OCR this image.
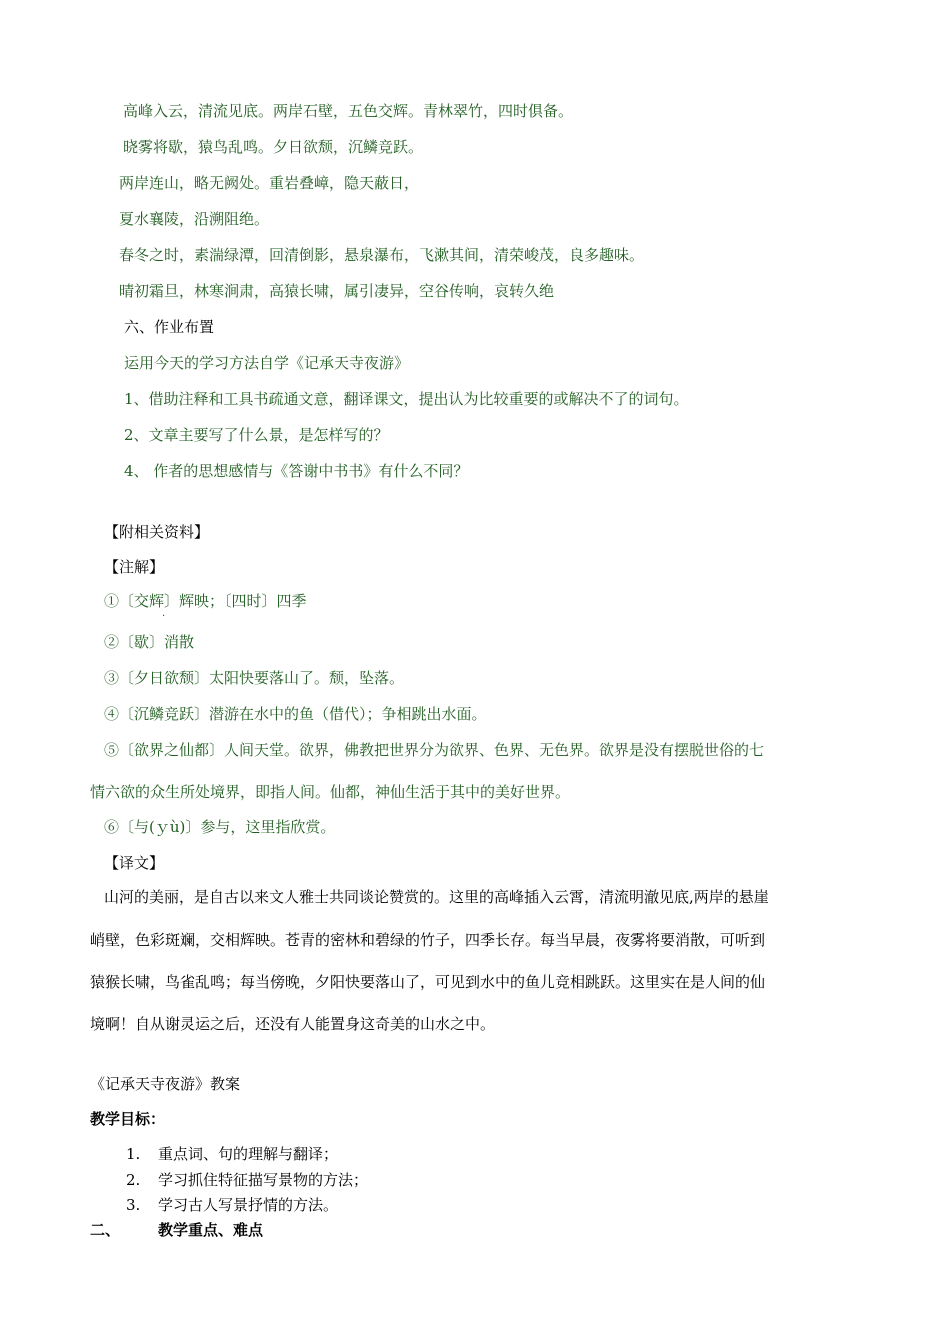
高峰入云，清流见底。两岸石壁，五色交辉。青林翠竹，四时俱备。
晓雾将歇，猿鸟乱鸣。夕日欲颓，沉鳞竞跃。
两岸连山，略无阙处。重岩叠嶂，隐天蔽日，
夏水襄陵，沿溯阻绝。
春冬之时，素湍绿潭，回清倒影，悬泉瀑布，飞漱其间，清荣峻茂，良多趣味。
晴初霜旦，林寒涧肃，高猿长啸，属引凄异，空谷传响，哀转久绝
六、作业布置
运用今天的学习方法自学《记承天寺夜游》
1、借助注释和工具书疏通文意，翻译课文，提出认为比较重要的或解决不了的词句。
2、文章主要写了什么景，是怎样写的？
4、 作者的思想感情与《答谢中书书》有什么不同？
【附相关资料】
【注解】
①〔交辉〕辉映；〔四时〕四季
·
②〔歇〕消散
③〔夕日欲颓〕太阳快要落山了。颓，坠落。
④〔沉鳞竞跃〕潜游在水中的鱼（借代）；争相跳出水面。
⑤〔欲界之仙都〕人间天堂。欲界，佛教把世界分为欲界、色界、无色界。欲界是没有摆脱世俗的七
情六欲的众生所处境界，即指人间。仙都，神仙生活于其中的美好世界。
⑥〔与(ｙù)〕参与，这里指欣赏。
【译文】
山河的美丽，是自古以来文人雅士共同谈论赞赏的。这里的高峰插入云霄，清流明澈见底,两岸的悬崖
峭壁，色彩斑斓，交相辉映。苍青的密林和碧绿的竹子，四季长存。每当早晨，夜雾将要消散，可听到
猿猴长啸，鸟雀乱鸣；每当傍晚，夕阳快要落山了，可见到水中的鱼儿竞相跳跃。这里实在是人间的仙
境啊！自从谢灵运之后，还没有人能置身这奇美的山水之中。
《记承天寺夜游》教案
教学目标：
1. 重点词、句的理解与翻译；
2. 学习抓住特征描写景物的方法；
3. 学习古人写景抒情的方法。
二、	教学重点、难点
